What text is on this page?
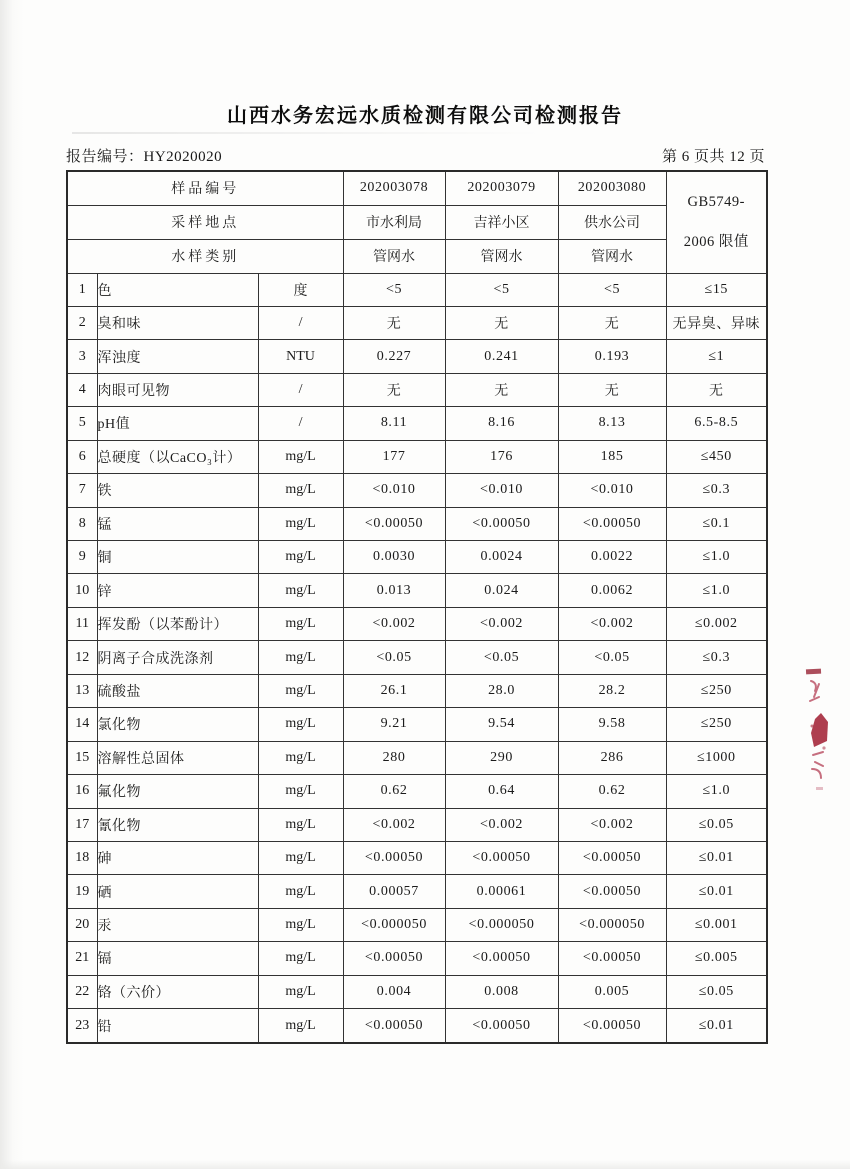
山西水务宏远水质检测有限公司检测报告
报告编号：HY2020020	第 6 页共 12 页
样品编号			202003078	202003079	202003080	GB5749-
2006 限值

采样地点			市水利局	吉祥小区	供水公司	
水样类别			管网水	管网水	管网水	
1	色	度	<5	<5	<5	≤15
2	臭和味	/	无	无	无	无异臭、异味
3	浑浊度	NTU	0.227	0.241	0.193	≤1
4	肉眼可见物	/	无	无	无	无
5	pH值	/	8.11	8.16	8.13	6.5-8.5
6	总硬度（以CaCO₃计）	mg/L	177	176	185	≤450
7	铁	mg/L	<0.010	<0.010	<0.010	≤0.3
8	锰	mg/L	<0.00050	<0.00050	<0.00050	≤0.1
9	铜	mg/L	0.0030	0.0024	0.0022	≤1.0
10	锌	mg/L	0.013	0.024	0.0062	≤1.0
11	挥发酚（以苯酚计）	mg/L	<0.002	<0.002	<0.002	≤0.002
12	阴离子合成洗涤剂	mg/L	<0.05	<0.05	<0.05	≤0.3
13	硫酸盐	mg/L	26.1	28.0	28.2	≤250
14	氯化物	mg/L	9.21	9.54	9.58	≤250
15	溶解性总固体	mg/L	280	290	286	≤1000
16	氟化物	mg/L	0.62	0.64	0.62	≤1.0
17	氰化物	mg/L	<0.002	<0.002	<0.002	≤0.05
18	砷	mg/L	<0.00050	<0.00050	<0.00050	≤0.01
19	硒	mg/L	0.00057	0.00061	<0.00050	≤0.01
20	汞	mg/L	<0.000050	<0.000050	<0.000050	≤0.001
21	镉	mg/L	<0.00050	<0.00050	<0.00050	≤0.005
22	铬（六价）	mg/L	0.004	0.008	0.005	≤0.05
23	铅	mg/L	<0.00050	<0.00050	<0.00050	≤0.01
